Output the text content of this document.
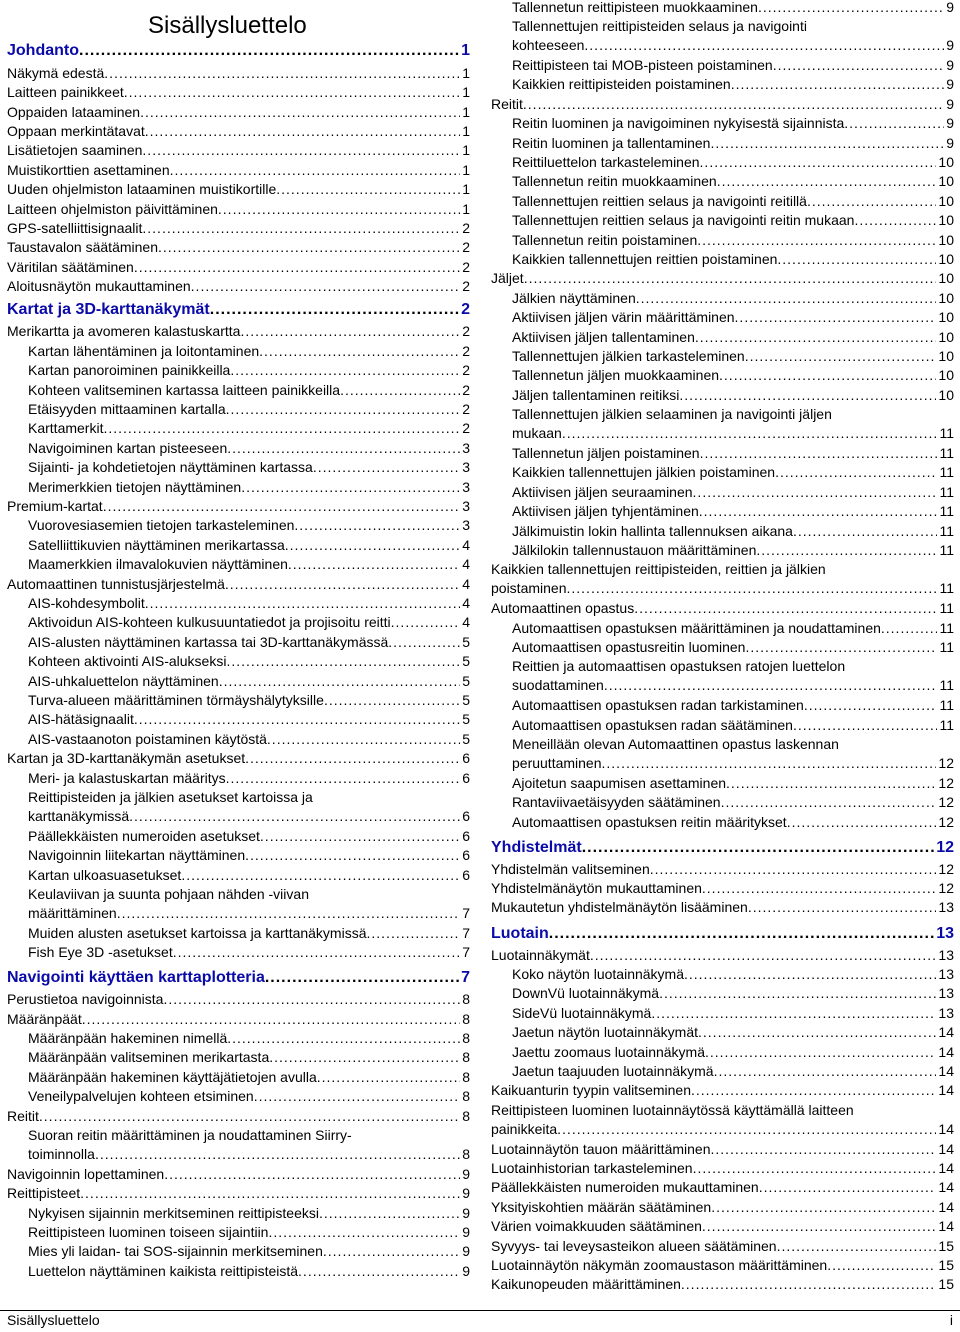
Sisällysluettelo
Johdanto .....	1
Näkymä edestä .....	1
Laitteen painikkeet .....	1
Oppaiden lataaminen .....	1
Oppaan merkintätavat .....	1
Lisätietojen saaminen .....	1
Muistikorttien asettaminen .....	1
Uuden ohjelmiston lataaminen muistikortille .....	1
Laitteen ohjelmiston päivittäminen .....	1
GPS-satelliittisignaalit .....	2
Taustavalon säätäminen .....	2
Väritilan säätäminen .....	2
Aloitusnäytön mukauttaminen .....	2
Kartat ja 3D-karttanäkymät .....	2
Merikartta ja avomeren kalastuskartta .....	2
Kartan lähentäminen ja loitontaminen .....	2
Kartan panoroiminen painikkeilla .....	2
Kohteen valitseminen kartassa laitteen painikkeilla .....	2
Etäisyyden mittaaminen kartalla .....	2
Karttamerkit .....	2
Navigoiminen kartan pisteeseen .....	3
Sijainti- ja kohdetietojen näyttäminen kartassa .....	3
Merimerkkien tietojen näyttäminen .....	3
Premium-kartat .....	3
Vuorovesiasemien tietojen tarkasteleminen .....	3
Satelliittikuvien näyttäminen merikartassa .....	4
Maamerkkien ilmavalokuvien näyttäminen .....	4
Automaattinen tunnistusjärjestelmä .....	4
AIS-kohdesymbolit .....	4
Aktivoidun AIS-kohteen kulkusuuntatiedot ja projisoitu reitti .....	4
AIS-alusten näyttäminen kartassa tai 3D-karttanäkymässä .....	5
Kohteen aktivointi AIS-alukseksi .....	5
AIS-uhkaluettelon näyttäminen .....	5
Turva-alueen määrittäminen törmäyshälytyksille .....	5
AIS-hätäsignaalit .....	5
AIS-vastaanoton poistaminen käytöstä .....	5
Kartan ja 3D-karttanäkymän asetukset .....	6
Meri- ja kalastuskartan määritys .....	6
Reittipisteiden ja jälkien asetukset kartoissa ja
karttanäkymissä .....	6
Päällekkäisten numeroiden asetukset .....	6
Navigoinnin liitekartan näyttäminen .....	6
Kartan ulkoasuasetukset .....	6
Keulaviivan ja suunta pohjaan nähden -viivan
määrittäminen .....	7
Muiden alusten asetukset kartoissa ja karttanäkymissä .....	7
Fish Eye 3D -asetukset .....	7
Navigointi käyttäen karttaplotteria .....	7
Perustietoa navigoinnista .....	8
Määränpäät .....	8
Määränpään hakeminen nimellä .....	8
Määränpään valitseminen merikartasta .....	8
Määränpään hakeminen käyttäjätietojen avulla .....	8
Veneilypalvelujen kohteen etsiminen .....	8
Reitit .....	8
Suoran reitin määrittäminen ja noudattaminen Siirry-
toiminnolla .....	8
Navigoinnin lopettaminen .....	9
Reittipisteet .....	9
Nykyisen sijainnin merkitseminen reittipisteeksi .....	9
Reittipisteen luominen toiseen sijaintiin .....	9
Mies yli laidan- tai SOS-sijainnin merkitseminen .....	9
Luettelon näyttäminen kaikista reittipisteistä .....	9
Tallennetun reittipisteen muokkaaminen .....	9
Tallennettujen reittipisteiden selaus ja navigointi
kohteeseen .....	9
Reittipisteen tai MOB-pisteen poistaminen .....	9
Kaikkien reittipisteiden poistaminen .....	9
Reitit .....	9
Reitin luominen ja navigoiminen nykyisestä sijainnista .....	9
Reitin luominen ja tallentaminen .....	9
Reittiluettelon tarkasteleminen .....	10
Tallennetun reitin muokkaaminen .....	10
Tallennettujen reittien selaus ja navigointi reitillä .....	10
Tallennettujen reittien selaus ja navigointi reitin mukaan .....	10
Tallennetun reitin poistaminen .....	10
Kaikkien tallennettujen reittien poistaminen .....	10
Jäljet .....	10
Jälkien näyttäminen .....	10
Aktiivisen jäljen värin määrittäminen .....	10
Aktiivisen jäljen tallentaminen .....	10
Tallennettujen jälkien tarkasteleminen .....	10
Tallennetun jäljen muokkaaminen .....	10
Jäljen tallentaminen reitiksi .....	10
Tallennettujen jälkien selaaminen ja navigointi jäljen
mukaan .....	11
Tallennetun jäljen poistaminen .....	11
Kaikkien tallennettujen jälkien poistaminen .....	11
Aktiivisen jäljen seuraaminen .....	11
Aktiivisen jäljen tyhjentäminen .....	11
Jälkimuistin lokin hallinta tallennuksen aikana .....	11
Jälkilokin tallennustauon määrittäminen .....	11
Kaikkien tallennettujen reittipisteiden, reittien ja jälkien
poistaminen .....	11
Automaattinen opastus .....	11
Automaattisen opastuksen määrittäminen ja noudattaminen .....	11
Automaattisen opastusreitin luominen .....	11
Reittien ja automaattisen opastuksen ratojen luettelon
suodattaminen .....	11
Automaattisen opastuksen radan tarkistaminen .....	11
Automaattisen opastuksen radan säätäminen .....	11
Meneillään olevan Automaattinen opastus laskennan
peruuttaminen .....	12
Ajoitetun saapumisen asettaminen .....	12
Rantaviivaetäisyyden säätäminen .....	12
Automaattisen opastuksen reitin määritykset .....	12
Yhdistelmät .....	12
Yhdistelmän valitseminen .....	12
Yhdistelmänäytön mukauttaminen .....	12
Mukautetun yhdistelmänäytön lisääminen .....	13
Luotain .....	13
Luotainnäkymät .....	13
Koko näytön luotainnäkymä .....	13
DownVü luotainnäkymä .....	13
SideVü luotainnäkymä .....	13
Jaetun näytön luotainnäkymät .....	14
Jaettu zoomaus luotainnäkymä .....	14
Jaetun taajuuden luotainnäkymä .....	14
Kaikuanturin tyypin valitseminen .....	14
Reittipisteen luominen luotainnäytössä käyttämällä laitteen
painikkeita .....	14
Luotainnäytön tauon määrittäminen .....	14
Luotainhistorian tarkasteleminen .....	14
Päällekkäisten numeroiden mukauttaminen .....	14
Yksityiskohtien määrän säätäminen .....	14
Värien voimakkuuden säätäminen .....	14
Syvyys- tai leveysasteikon alueen säätäminen .....	15
Luotainnäytön näkymän zoomaustason määrittäminen .....	15
Kaikunopeuden määrittäminen .....	15
Sisällysluettelo	i
